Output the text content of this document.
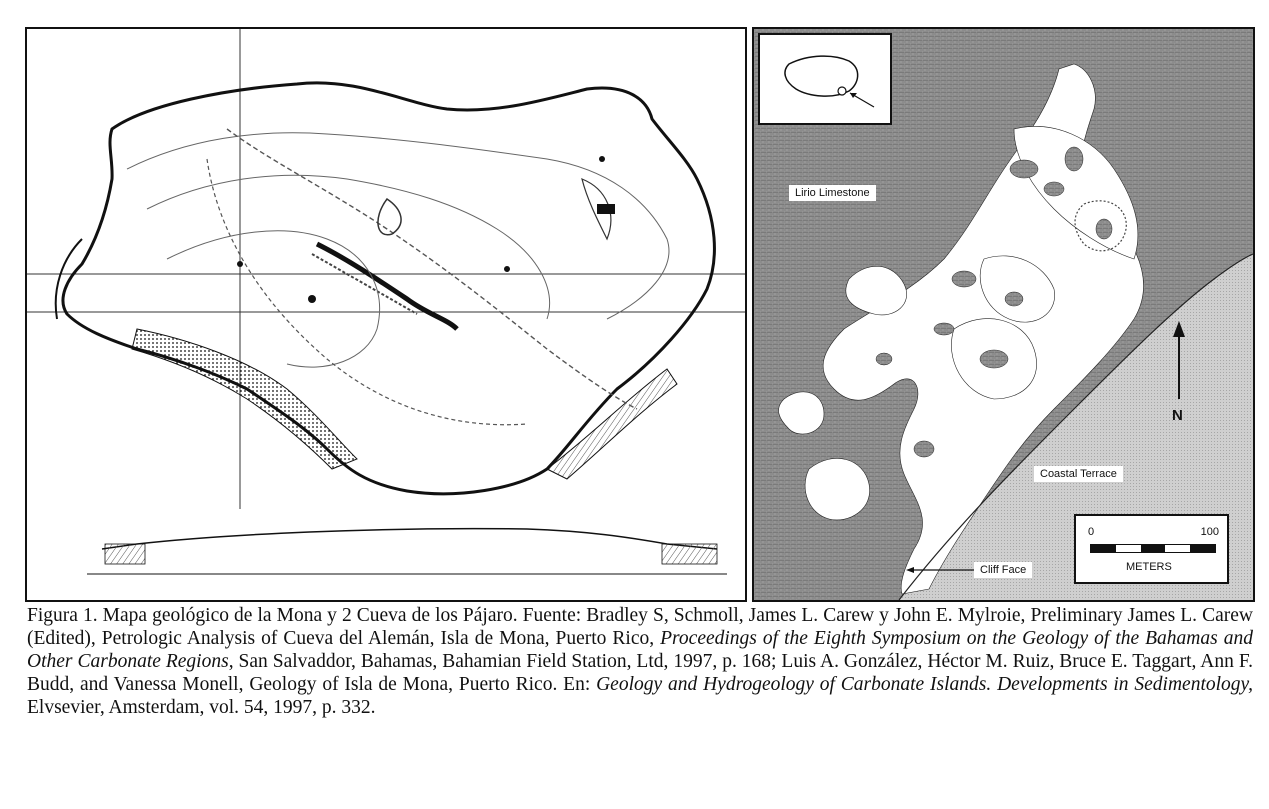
Lirio Limestone
Coastal Terrace
Cliff Face
N
0	100
METERS
Figura 1. Mapa geológico de la Mona y 2 Cueva de los Pájaro. Fuente: Bradley S, Schmoll, James L. Carew y John E. Mylroie, Preliminary James L. Carew (Edited), Petrologic Analysis of Cueva del Alemán, Isla de Mona, Puerto Rico, Proceedings of the Eighth Symposium on the Geology of the Bahamas and Other Carbonate Regions, San Salvaddor, Bahamas, Bahamian Field Station, Ltd, 1997, p. 168; Luis A. González, Héctor M. Ruiz, Bruce E. Taggart, Ann F. Budd, and Vanessa Monell, Geology of Isla de Mona, Puerto Rico. En: Geology and Hydrogeology of Carbonate Islands. Developments in Sedimentology, Elvsevier, Amsterdam, vol. 54, 1997, p. 332.
